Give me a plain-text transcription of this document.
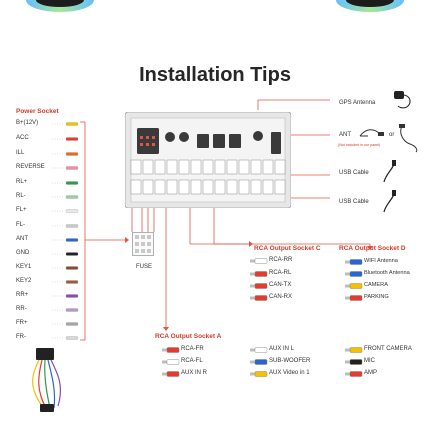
Installation Tips
Power Socket
B+(12V)
ACC
ILL
REVERSE
RL+
RL-
FL+
FL-
ANT
GND
KEY1
KEY2
RR+
RR-
FR+
FR-
FUSE
GPS Antenna
ANT
(Not included in our panel)
or
USB Cable
USB Cable
RCA Output Socket C
RCA-RR
RCA-RL
CAN-TX
CAN-RX
RCA Output Socket D
WIFI Antenna
Bluetooth Antenna
CAMERA
PARKING
RCA Output Socket A
RCA-FR
RCA-FL
AUX IN R
AUX IN L
SUB-WOOFER
AUX Video in 1
FRONT CAMERA
MIC
AMP
